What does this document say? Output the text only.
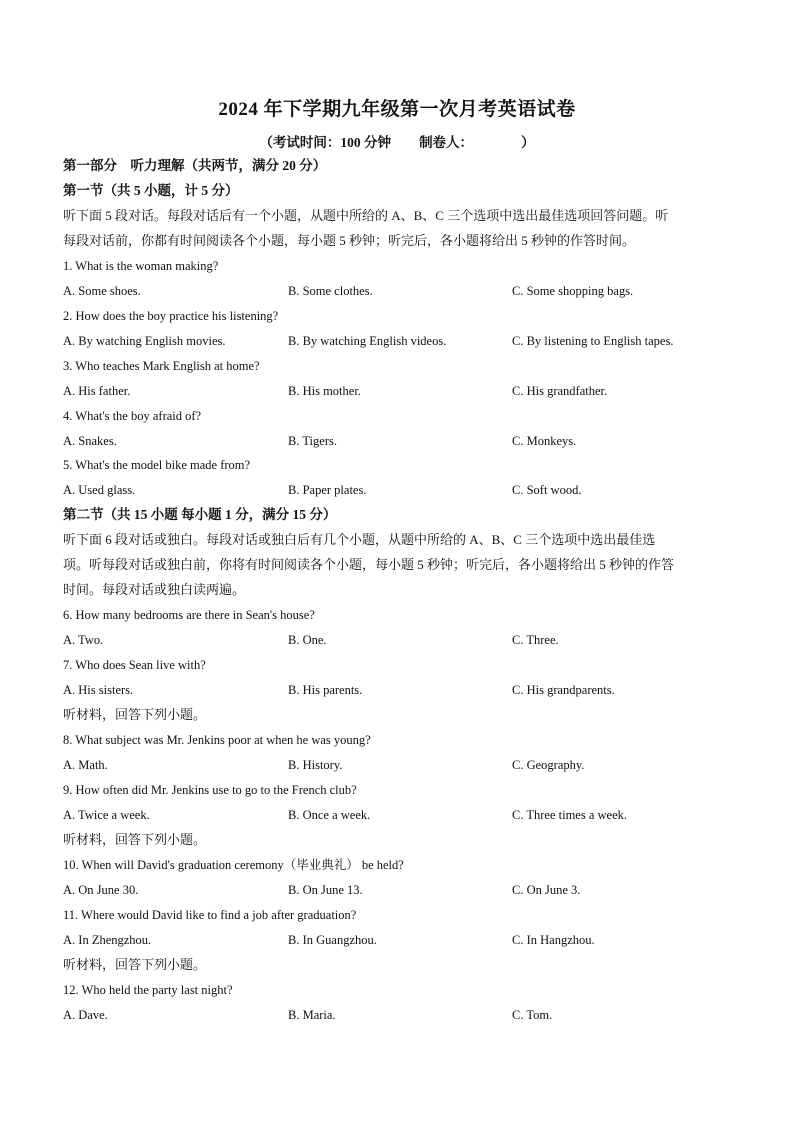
2024 年下学期九年级第一次月考英语试卷
（考试时间：100 分钟 制卷人：	）
第一部分　听力理解（共两节，满分 20 分）
第一节（共 5 小题，计 5 分）
听下面 5 段对话。每段对话后有一个小题，从题中所给的 A、B、C 三个选项中选出最佳选项回答问题。听
每段对话前，你都有时间阅读各个小题，每小题 5 秒钟；听完后，各小题将给出 5 秒钟的作答时间。
1. What is the woman making?
A. Some shoes.	B. Some clothes.	C. Some shopping bags.
2. How does the boy practice his listening?
A. By watching English movies.	B. By watching English videos.	C. By listening to English tapes.
3. Who teaches Mark English at home?
A. His father.	B. His mother.	C. His grandfather.
4. What's the boy afraid of?
A. Snakes.	B. Tigers.	C. Monkeys.
5. What's the model bike made from?
A. Used glass.	B. Paper plates.	C. Soft wood.
第二节（共 15 小题 每小题 1 分，满分 15 分）
听下面 6 段对话或独白。每段对话或独白后有几个小题，从题中所给的 A、B、C 三个选项中选出最佳选
项。听每段对话或独白前，你将有时间阅读各个小题，每小题 5 秒钟；听完后，各小题将给出 5 秒钟的作答
时间。每段对话或独白读两遍。
6. How many bedrooms are there in Sean's house?
A. Two.	B. One.	C. Three.
7. Who does Sean live with?
A. His sisters.	B. His parents.	C. His grandparents.
听材料，回答下列小题。
8. What subject was Mr. Jenkins poor at when he was young?
A. Math.	B. History.	C. Geography.
9. How often did Mr. Jenkins use to go to the French club?
A. Twice a week.	B. Once a week.	C. Three times a week.
听材料，回答下列小题。
10. When will David's graduation ceremony（毕业典礼） be held?
A. On June 30.	B. On June 13.	C. On June 3.
11. Where would David like to find a job after graduation?
A. In Zhengzhou.	B. In Guangzhou.	C. In Hangzhou.
听材料，回答下列小题。
12. Who held the party last night?
A. Dave.	B. Maria.	C. Tom.
